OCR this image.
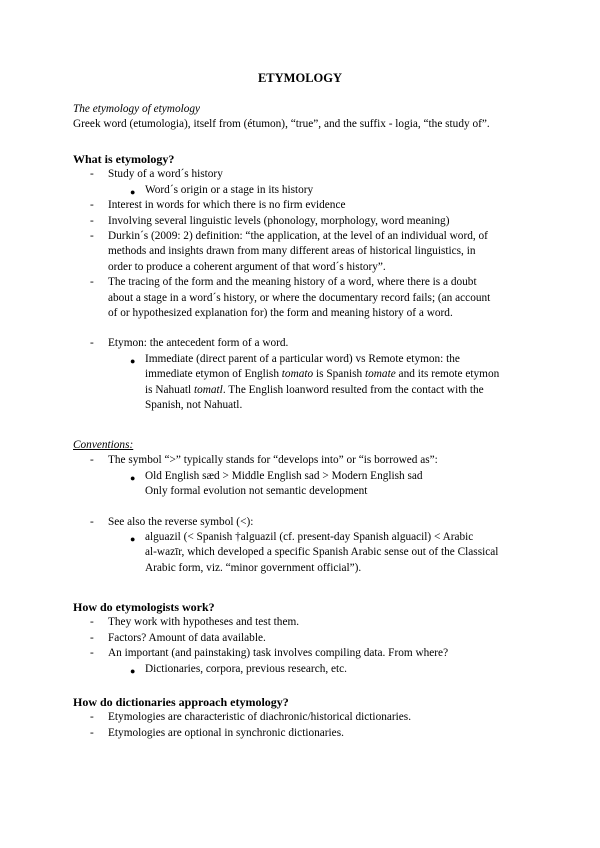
ETYMOLOGY
The etymology of etymology
Greek word (etumologia), itself from (étumon), “true”, and the suffix - logia, “the study of”.
What is etymology?
- Study of a word´s history
● Word´s origin or a stage in its history
- Interest in words for which there is no firm evidence
- Involving several linguistic levels (phonology, morphology, word meaning)
- Durkin´s (2009: 2) definition: “the application, at the level of an individual word, of
methods and insights drawn from many different areas of historical linguistics, in
order to produce a coherent argument of that word´s history”.
- The tracing of the form and the meaning history of a word, where there is a doubt
about a stage in a word´s history, or where the documentary record fails; (an account
of or hypothesized explanation for) the form and meaning history of a word.
- Etymon: the antecedent form of a word.
● Immediate (direct parent of a particular word) vs Remote etymon: the
immediate etymon of English tomato is Spanish tomate and its remote etymon
is Nahuatl tomatl. The English loanword resulted from the contact with the
Spanish, not Nahuatl.
Conventions:
- The symbol “>” typically stands for “develops into” or “is borrowed as”:
● Old English sæd > Middle English sad > Modern English sad
Only formal evolution not semantic development
- See also the reverse symbol (<):
● alguazil (< Spanish †alguazil (cf. present-day Spanish alguacil) < Arabic
al-wazīr, which developed a specific Spanish Arabic sense out of the Classical
Arabic form, viz. “minor government official”).
How do etymologists work?
- They work with hypotheses and test them.
- Factors? Amount of data available.
- An important (and painstaking) task involves compiling data. From where?
● Dictionaries, corpora, previous research, etc.
How do dictionaries approach etymology?
- Etymologies are characteristic of diachronic/historical dictionaries.
- Etymologies are optional in synchronic dictionaries.
